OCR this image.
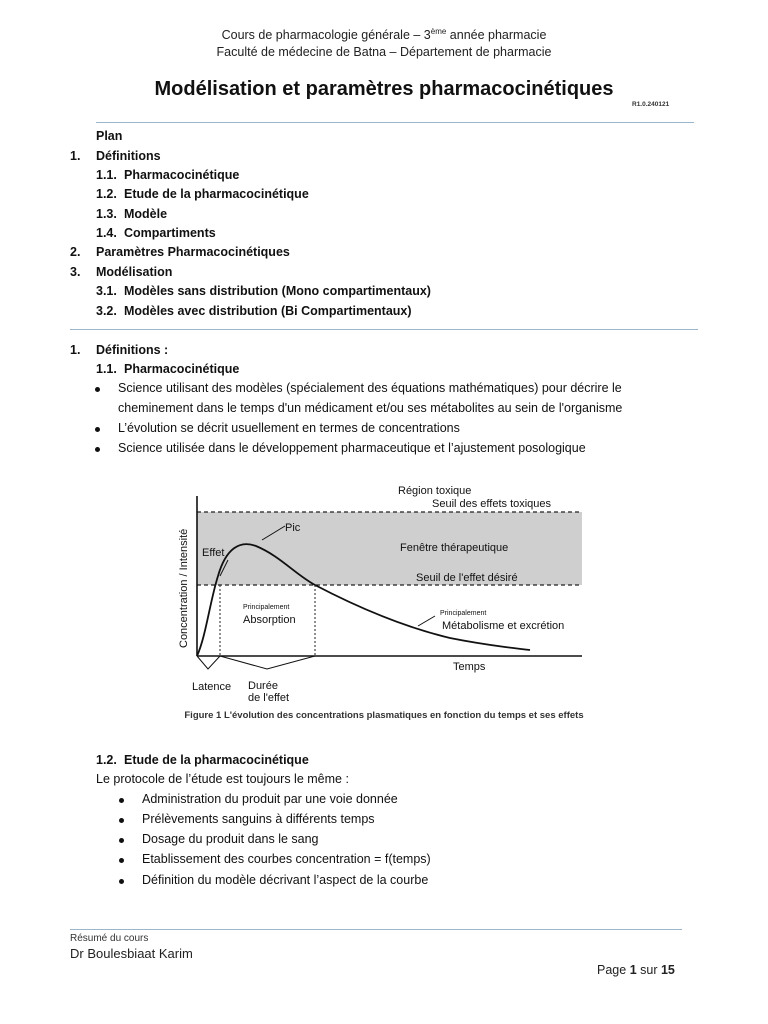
Cours de pharmacologie générale – 3ème année pharmacie
Faculté de médecine de Batna – Département de pharmacie
Modélisation et paramètres pharmacocinétiques
R1.0.240121
Plan
1. Définitions
1.1. Pharmacocinétique
1.2. Etude de la pharmacocinétique
1.3. Modèle
1.4. Compartiments
2. Paramètres Pharmacocinétiques
3. Modélisation
3.1. Modèles sans distribution (Mono compartimentaux)
3.2. Modèles avec distribution (Bi Compartimentaux)
1. Définitions :
1.1. Pharmacocinétique
Science utilisant des modèles (spécialement des équations mathématiques) pour décrire le
cheminement dans le temps d'un médicament et/ou ses métabolites au sein de l'organisme
L’évolution se décrit usuellement en termes de concentrations
Science utilisée dans le développement pharmaceutique et l’ajustement posologique
Région toxique
Seuil des effets toxiques
Pic
Effet	Fenêtre thérapeutique
Seuil de l'effet désiré
Principalement
Absorption
Principalement
Métabolisme et excrétion
Temps
Latence Durée
de l'effet
Concentration / Intensité
Figure 1 L'évolution des concentrations plasmatiques en fonction du temps et ses effets
1.2. Etude de la pharmacocinétique
Le protocole de l’étude est toujours le même :
Administration du produit par une voie donnée
Prélèvements sanguins à différents temps
Dosage du produit dans le sang
Etablissement des courbes concentration = f(temps)
Définition du modèle décrivant l’aspect de la courbe
Résumé du cours
Dr Boulesbiaat Karim
Page 1 sur 15
